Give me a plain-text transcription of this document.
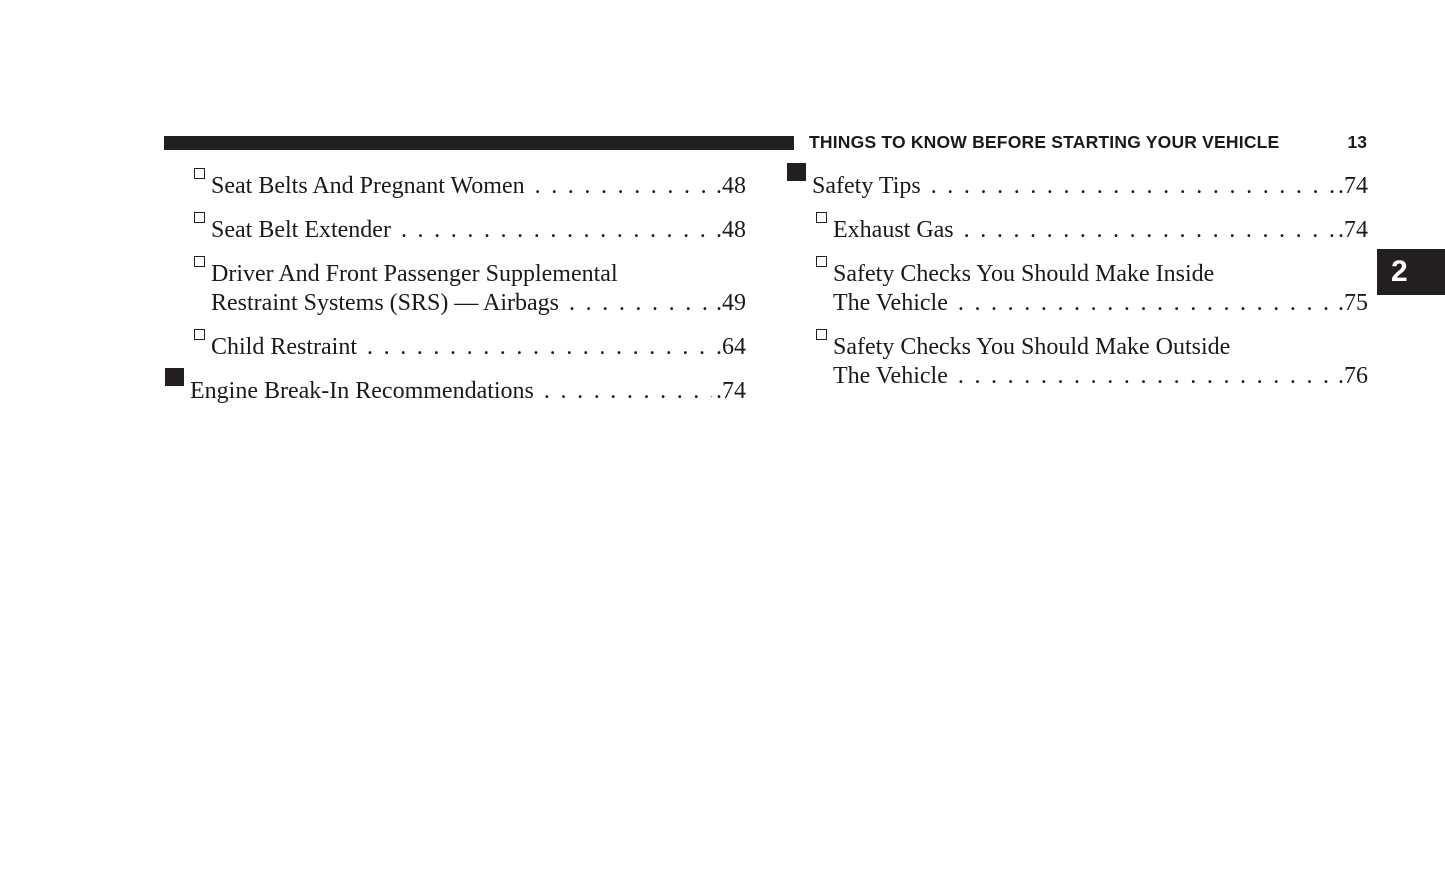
THINGS TO KNOW BEFORE STARTING YOUR VEHICLE	13
2
Seat Belts And Pregnant Women . . .	.48
Seat Belt Extender . . .	.48
Driver And Front Passenger Supplemental
Restraint Systems (SRS) — Airbags . . .	.49
Child Restraint . . .	.64
Engine Break-In Recommendations . . .	.74
Safety Tips . . .	.74
Exhaust Gas . . .	.74
Safety Checks You Should Make Inside
The Vehicle . . .	.75
Safety Checks You Should Make Outside
The Vehicle . . .	.76
